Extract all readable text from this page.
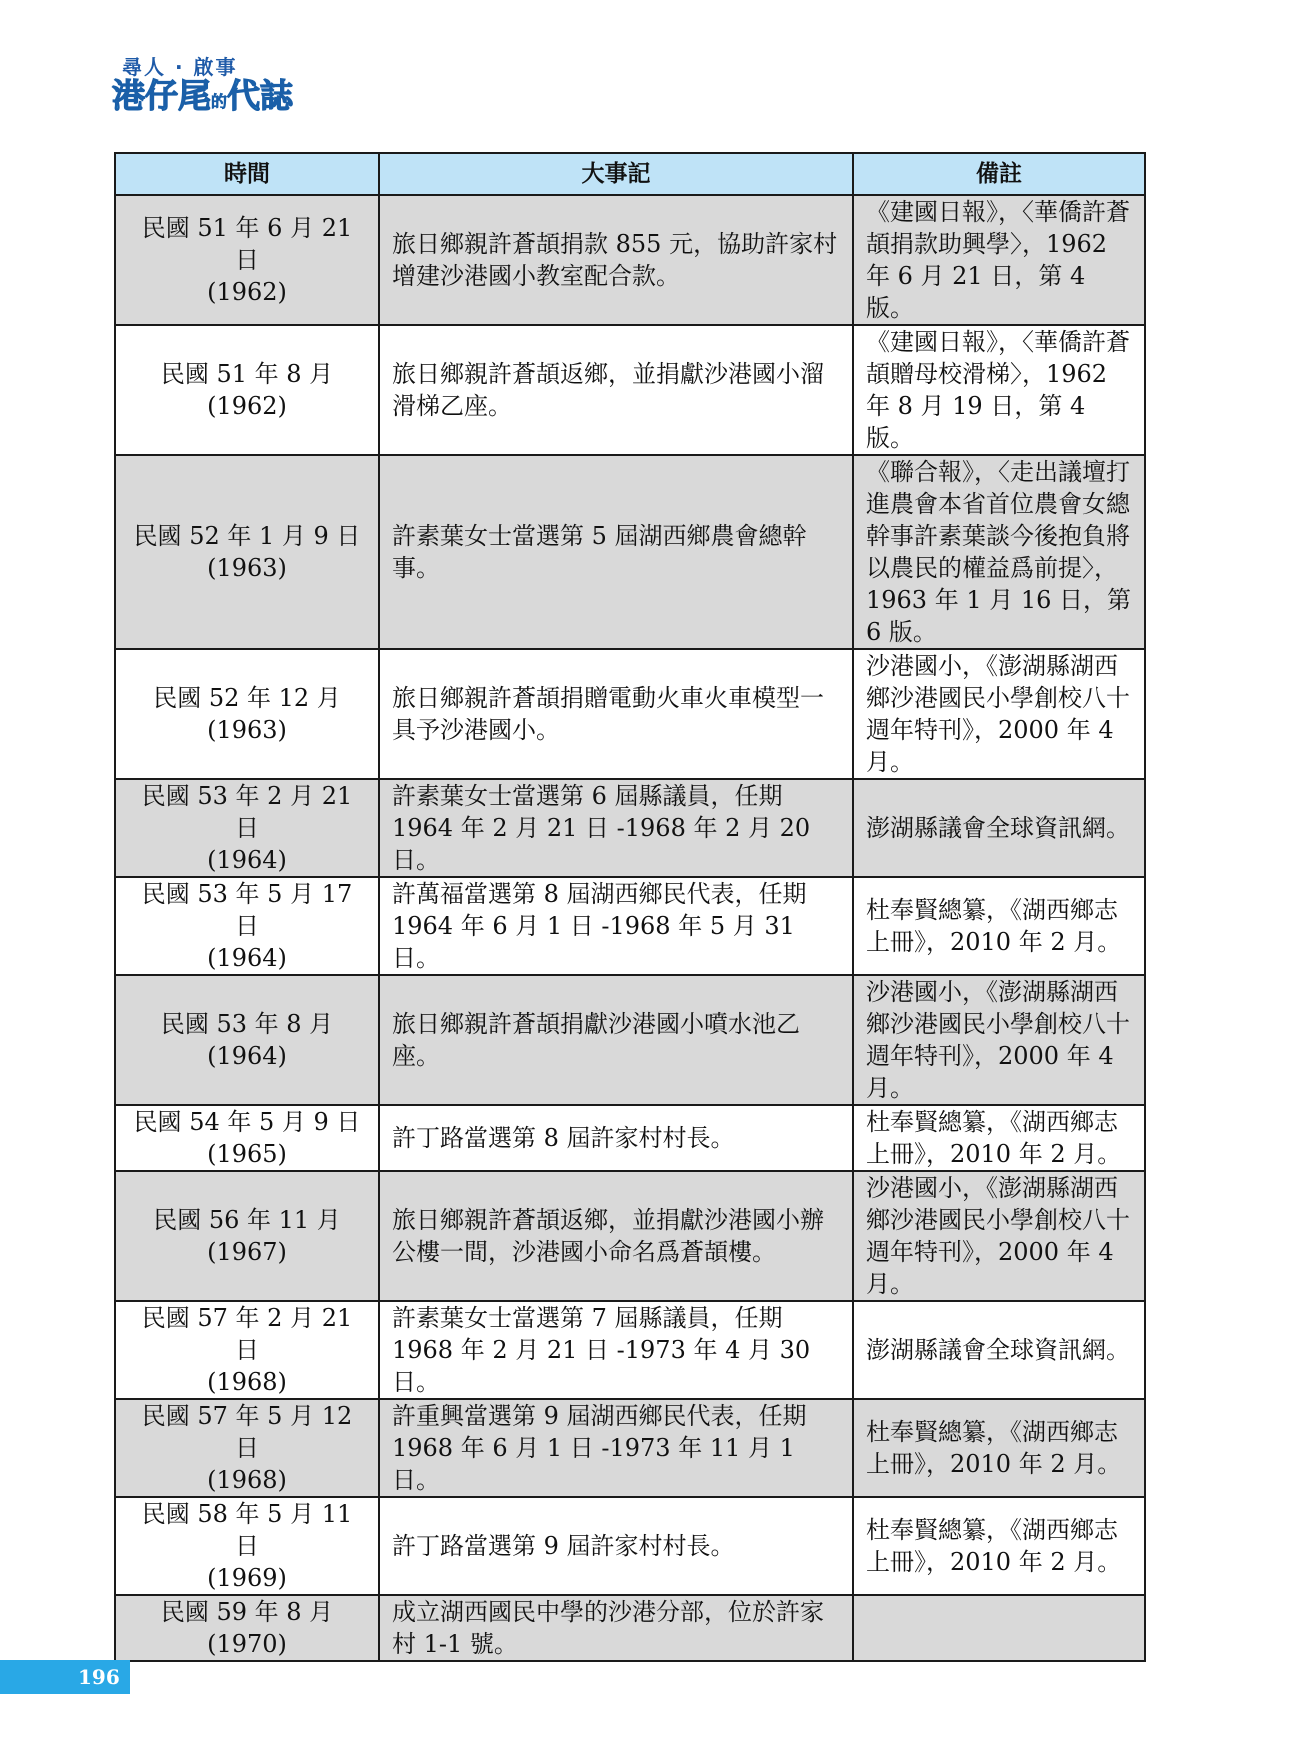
尋人 · 啟事
港仔尾的代誌
時間	大事記	備註

民國 51 年 6 月 21 日
(1962)	旅日鄉親許蒼頡捐款 855 元，協助許家村增建沙港國小教室配合款。	《建國日報》，〈華僑許蒼頡捐款助興學〉，1962 年 6 月 21 日，第 4 版。

民國 51 年 8 月
(1962)	旅日鄉親許蒼頡返鄉，並捐獻沙港國小溜滑梯乙座。	《建國日報》，〈華僑許蒼頡贈母校滑梯〉，1962 年 8 月 19 日，第 4 版。

民國 52 年 1 月 9 日
(1963)	許素葉女士當選第 5 屆湖西鄉農會總幹事。	《聯合報》，〈走出議壇打進農會本省首位農會女總幹事許素葉談今後抱負將以農民的權益爲前提〉，1963 年 1 月 16 日，第 6 版。

民國 52 年 12 月
(1963)	旅日鄉親許蒼頡捐贈電動火車火車模型一具予沙港國小。	沙港國小，《澎湖縣湖西鄉沙港國民小學創校八十週年特刊》，2000 年 4 月。

民國 53 年 2 月 21 日
(1964)	許素葉女士當選第 6 屆縣議員，任期 1964 年 2 月 21 日 -1968 年 2 月 20 日。	澎湖縣議會全球資訊網。

民國 53 年 5 月 17 日
(1964)	許萬福當選第 8 屆湖西鄉民代表，任期 1964 年 6 月 1 日 -1968 年 5 月 31 日。	杜奉賢總纂，《湖西鄉志上冊》，2010 年 2 月。

民國 53 年 8 月
(1964)	旅日鄉親許蒼頡捐獻沙港國小噴水池乙座。	沙港國小，《澎湖縣湖西鄉沙港國民小學創校八十週年特刊》，2000 年 4 月。

民國 54 年 5 月 9 日
(1965)	許丁路當選第 8 屆許家村村長。	杜奉賢總纂，《湖西鄉志上冊》，2010 年 2 月。

民國 56 年 11 月
(1967)	旅日鄉親許蒼頡返鄉，並捐獻沙港國小辦公樓一間，沙港國小命名爲蒼頡樓。	沙港國小，《澎湖縣湖西鄉沙港國民小學創校八十週年特刊》，2000 年 4 月。

民國 57 年 2 月 21 日
(1968)	許素葉女士當選第 7 屆縣議員，任期 1968 年 2 月 21 日 -1973 年 4 月 30 日。	澎湖縣議會全球資訊網。

民國 57 年 5 月 12 日
(1968)	許重興當選第 9 屆湖西鄉民代表，任期 1968 年 6 月 1 日 -1973 年 11 月 1 日。	杜奉賢總纂，《湖西鄉志上冊》，2010 年 2 月。

民國 58 年 5 月 11 日
(1969)	許丁路當選第 9 屆許家村村長。	杜奉賢總纂，《湖西鄉志上冊》，2010 年 2 月。

民國 59 年 8 月
(1970)	成立湖西國民中學的沙港分部，位於許家村 1-1 號。	
196
